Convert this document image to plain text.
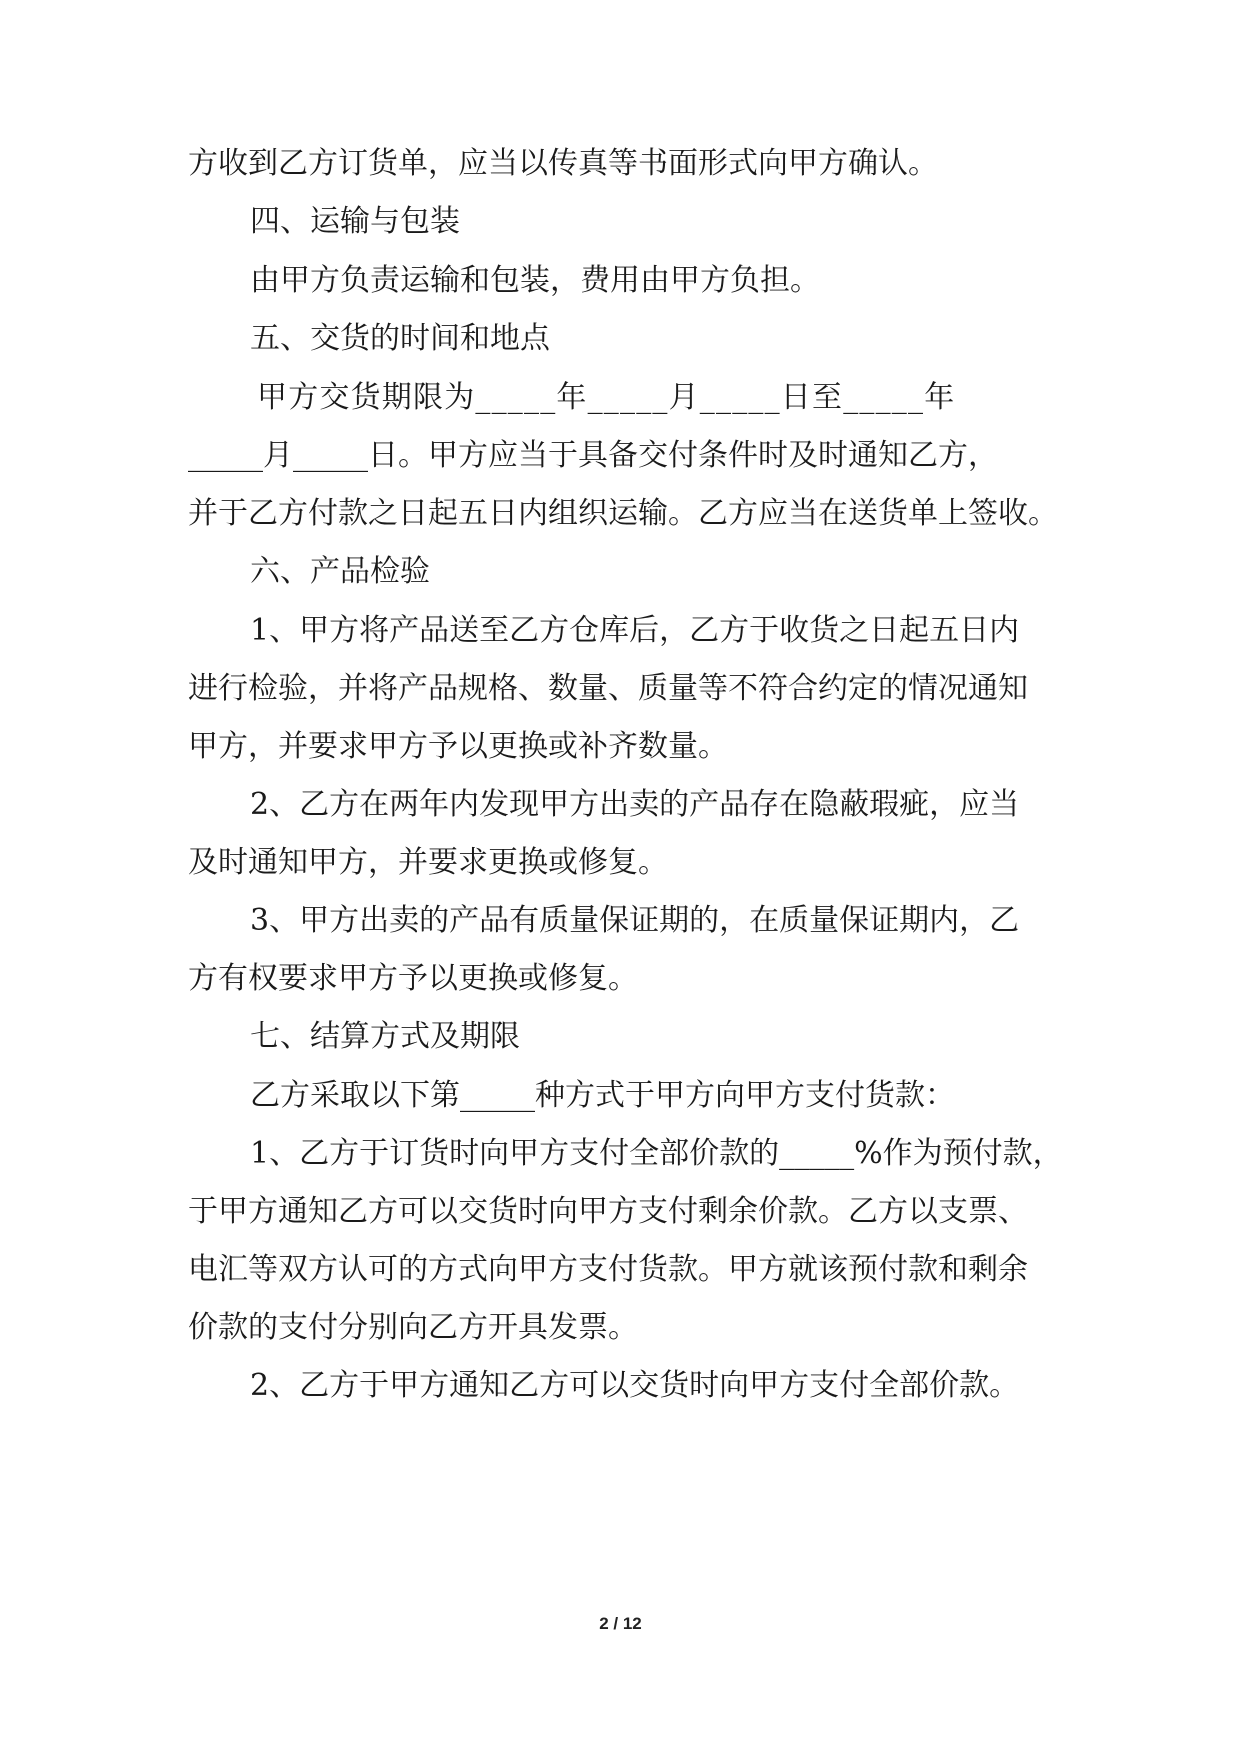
方收到乙方订货单，应当以传真等书面形式向甲方确认。
四、运输与包装
由甲方负责运输和包装，费用由甲方负担。
五、交货的时间和地点
甲方交货期限为_____年_____月_____日至_____年
_____月_____日。甲方应当于具备交付条件时及时通知乙方，
并于乙方付款之日起五日内组织运输。乙方应当在送货单上签收。
六、产品检验
1、甲方将产品送至乙方仓库后，乙方于收货之日起五日内
进行检验，并将产品规格、数量、质量等不符合约定的情况通知
甲方，并要求甲方予以更换或补齐数量。
2、乙方在两年内发现甲方出卖的产品存在隐蔽瑕疵，应当
及时通知甲方，并要求更换或修复。
3、甲方出卖的产品有质量保证期的，在质量保证期内，乙
方有权要求甲方予以更换或修复。
七、结算方式及期限
乙方采取以下第_____种方式于甲方向甲方支付货款：
1、乙方于订货时向甲方支付全部价款的_____%作为预付款，
于甲方通知乙方可以交货时向甲方支付剩余价款。乙方以支票、
电汇等双方认可的方式向甲方支付货款。甲方就该预付款和剩余
价款的支付分别向乙方开具发票。
2、乙方于甲方通知乙方可以交货时向甲方支付全部价款。
2 / 12
